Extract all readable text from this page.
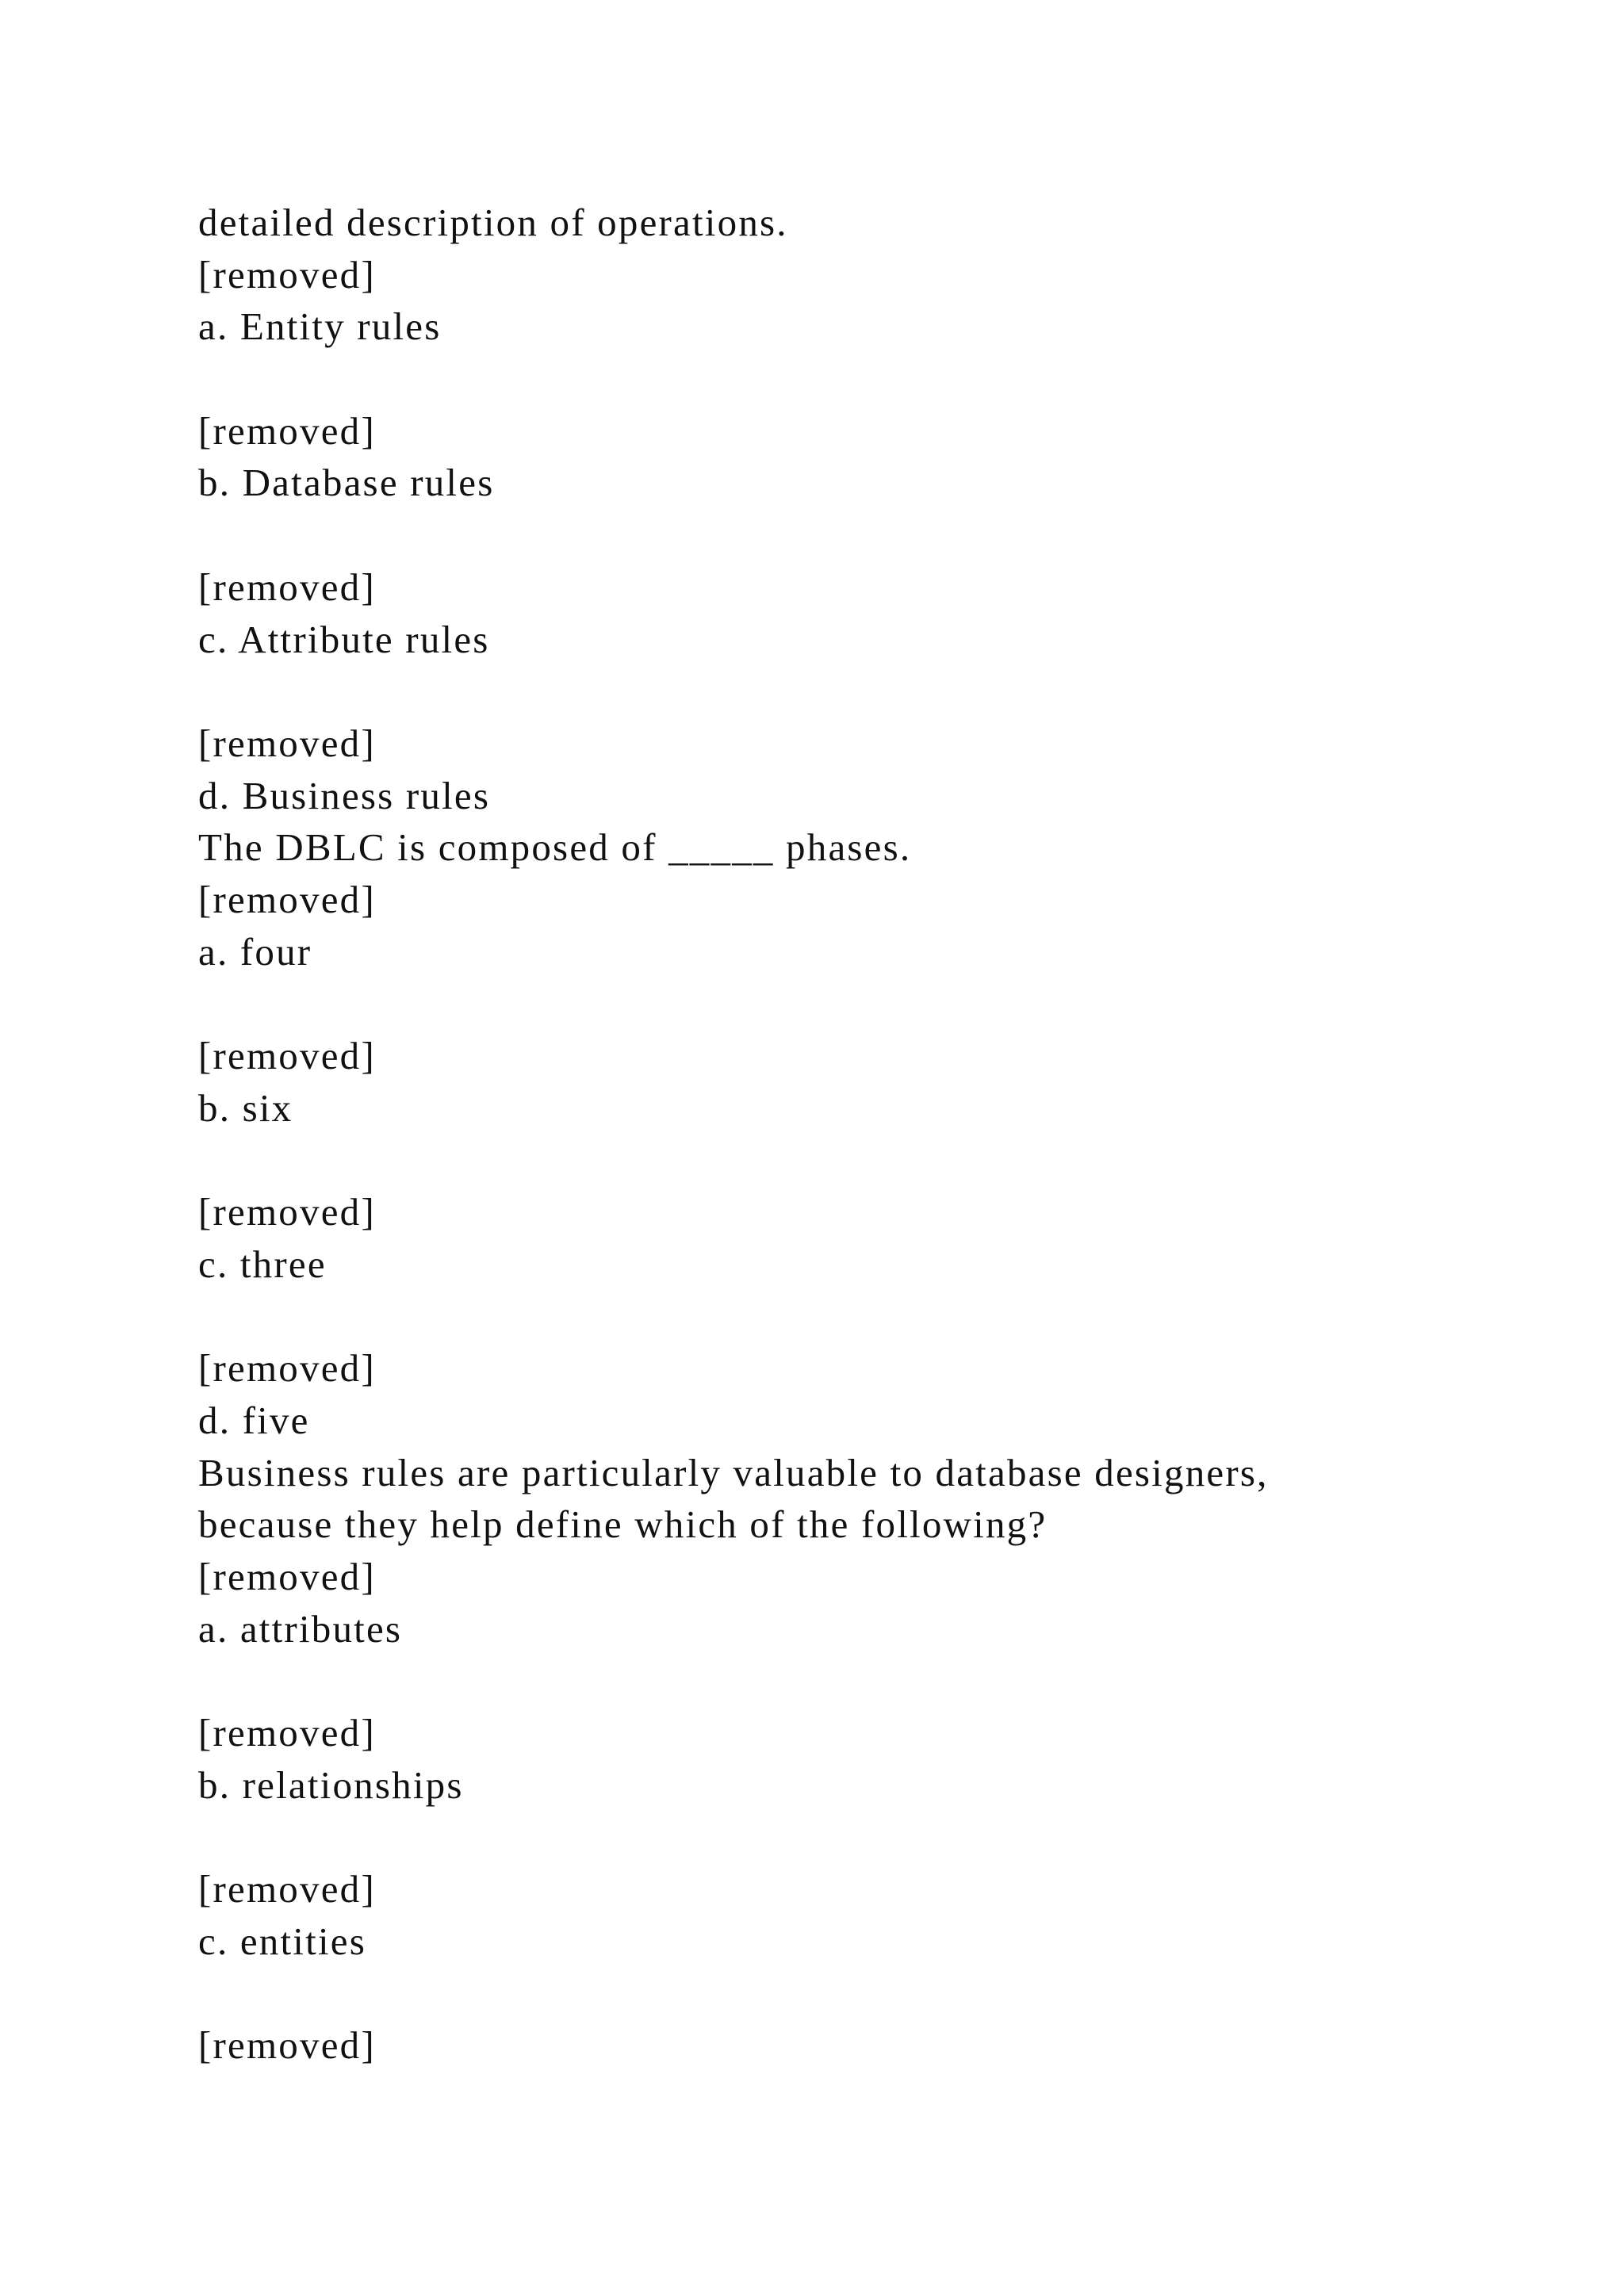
detailed description of operations.
[removed]
a. Entity rules
[removed]
b. Database rules
[removed]
c. Attribute rules
[removed]
d. Business rules
The DBLC is composed of _____ phases.
[removed]
a. four
[removed]
b. six
[removed]
c. three
[removed]
d. five
Business rules are particularly valuable to database designers,
because they help define which of the following?
[removed]
a. attributes
[removed]
b. relationships
[removed]
c. entities
[removed]
